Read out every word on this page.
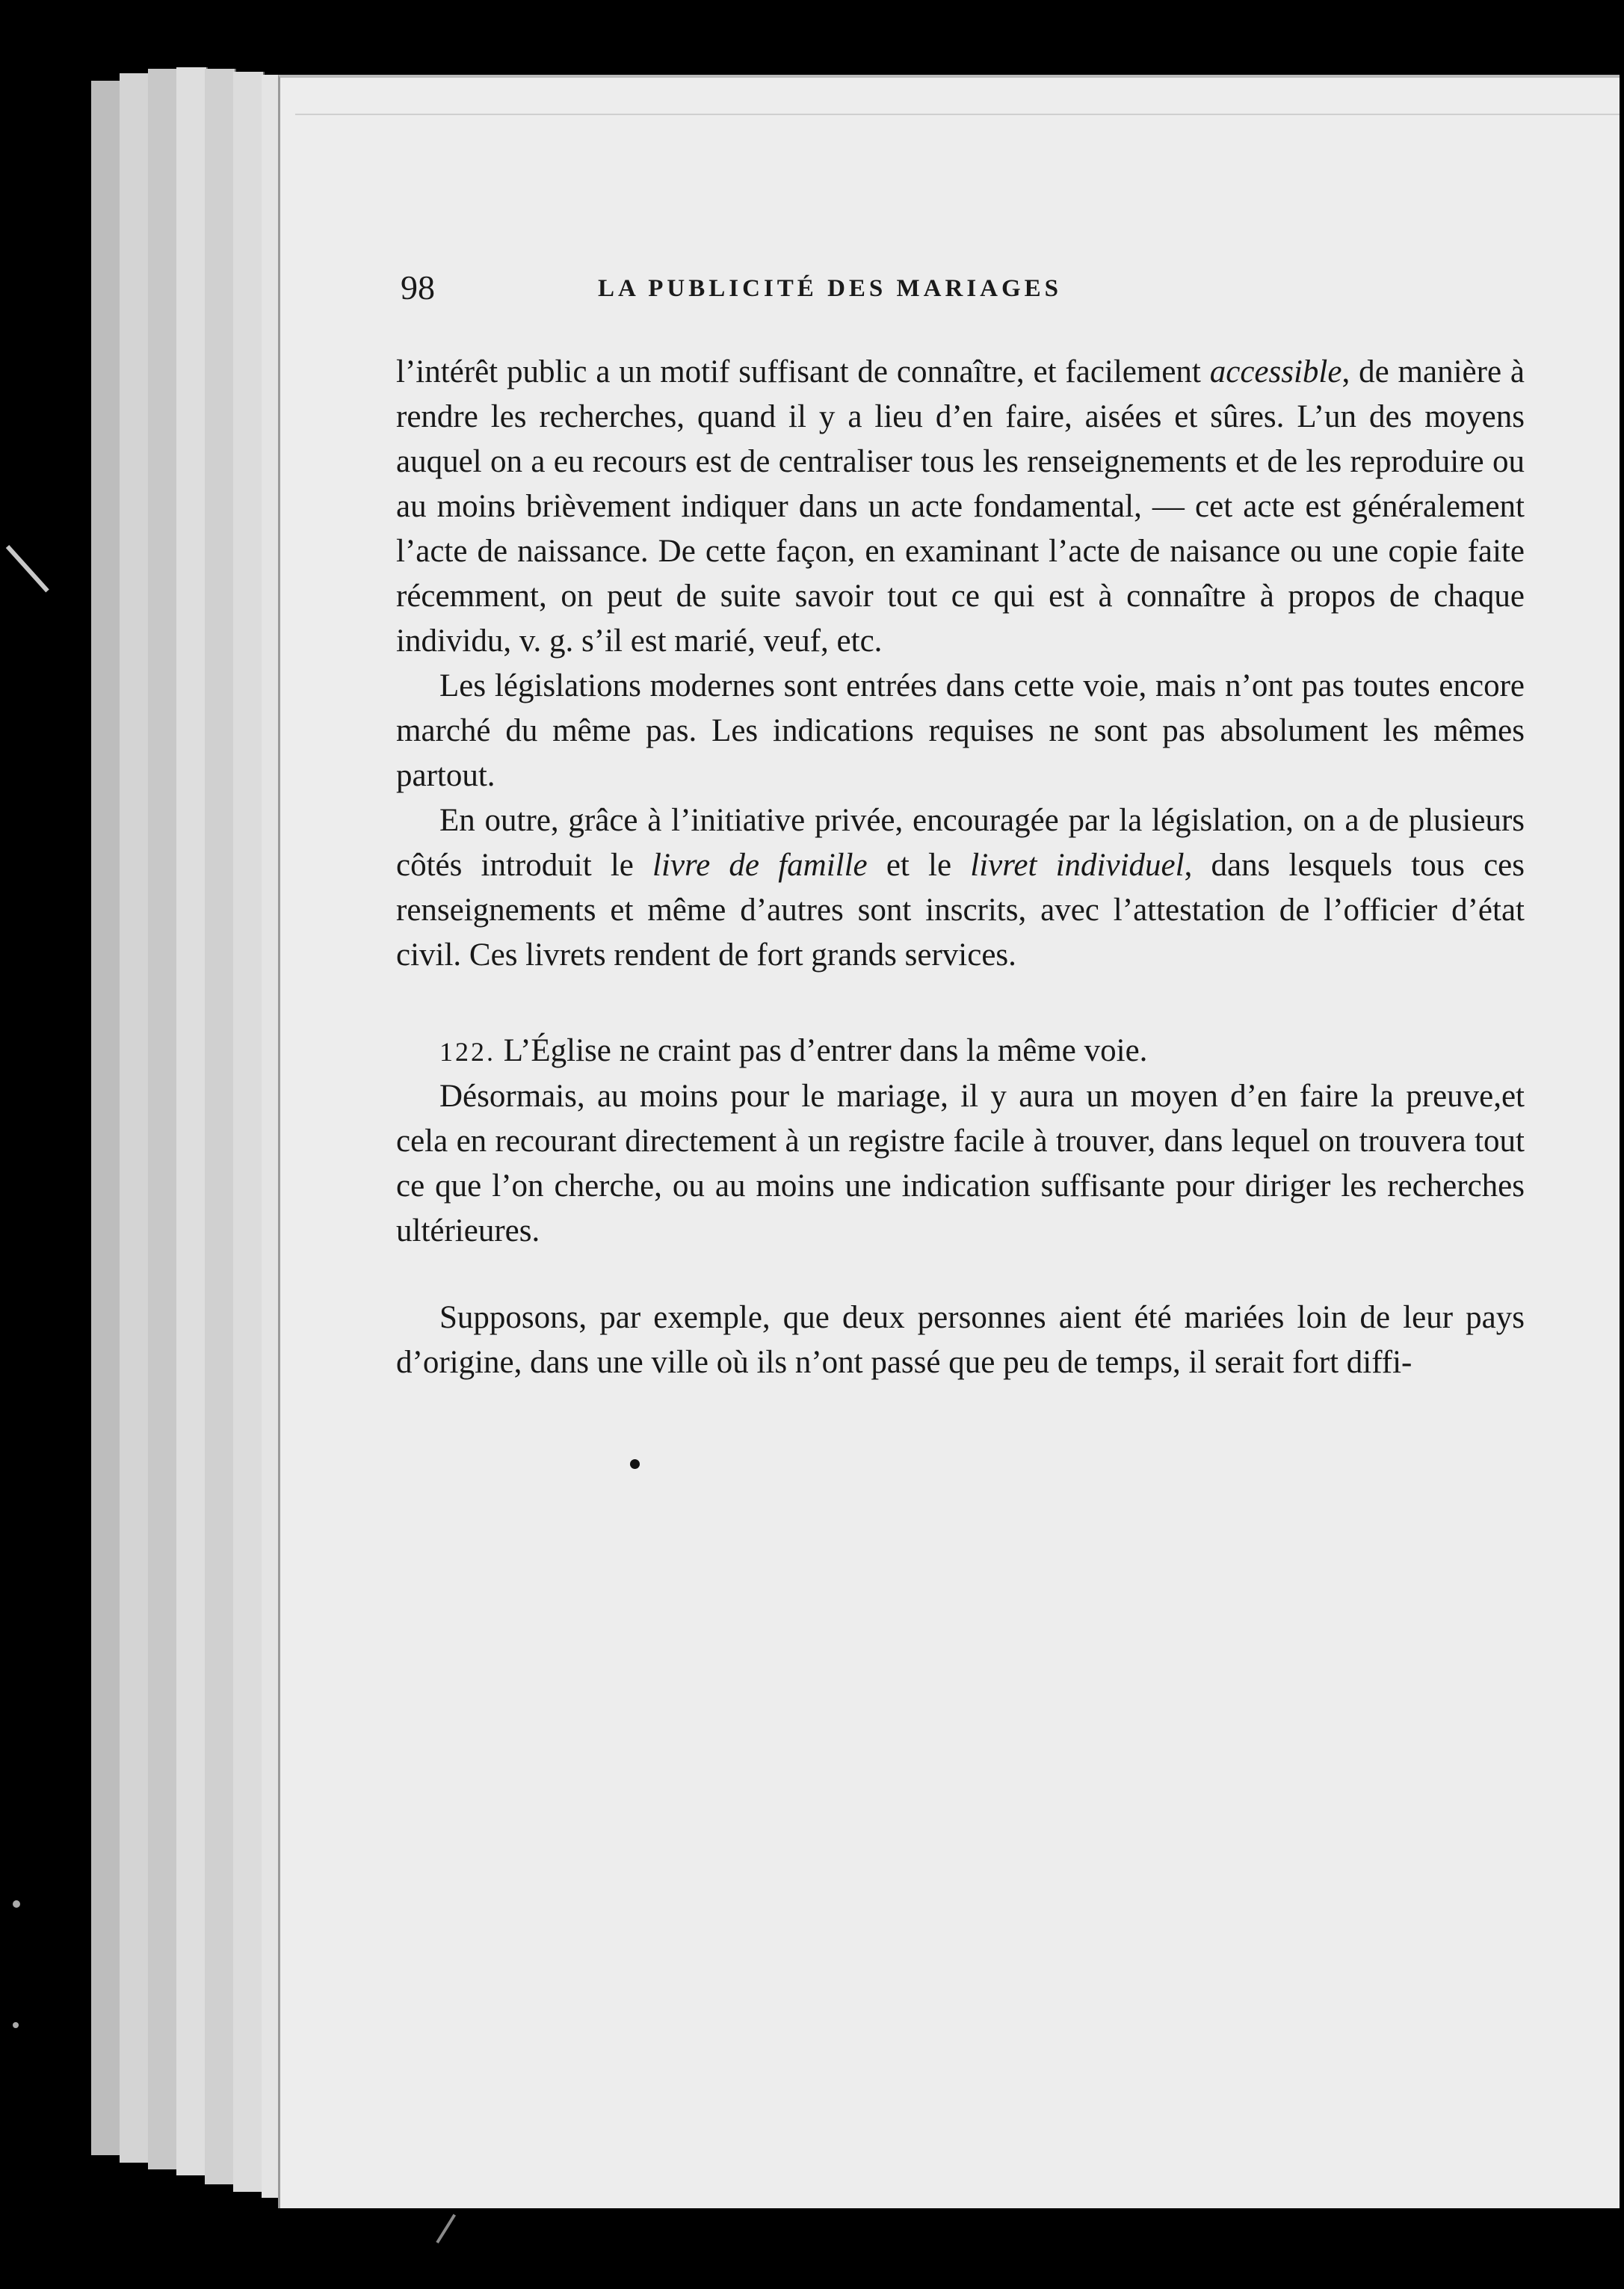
98	LA PUBLICITÉ DES MARIAGES

l’intérêt public a un motif suffisant de connaître, et facilement accessible, de manière à rendre les recherches, quand il y a lieu d’en faire, aisées et sûres. L’un des moyens auquel on a eu recours est de centraliser tous les renseignements et de les reproduire ou au moins brièvement indiquer dans un acte fondamental, — cet acte est généralement l’acte de naissance. De cette façon, en examinant l’acte de naisance ou une copie faite récemment, on peut de suite savoir tout ce qui est à connaître à propos de chaque individu, v. g. s’il est marié, veuf, etc.

Les législations modernes sont entrées dans cette voie, mais n’ont pas toutes encore marché du même pas. Les indications requises ne sont pas absolument les mêmes partout.

En outre, grâce à l’initiative privée, encouragée par la législation, on a de plusieurs côtés introduit le livre de famille et le livret individuel, dans lesquels tous ces renseignements et même d’autres sont inscrits, avec l’attestation de l’officier d’état civil. Ces livrets rendent de fort grands services.

122. L’Église ne craint pas d’entrer dans la même voie.

Désormais, au moins pour le mariage, il y aura un moyen d’en faire la preuve,et cela en recourant directement à un registre facile à trouver, dans lequel on trouvera tout ce que l’on cherche, ou au moins une indication suffisante pour diriger les recherches ultérieures.

Supposons, par exemple, que deux personnes aient été mariées loin de leur pays d’origine, dans une ville où ils n’ont passé que peu de temps, il serait fort diffi-
